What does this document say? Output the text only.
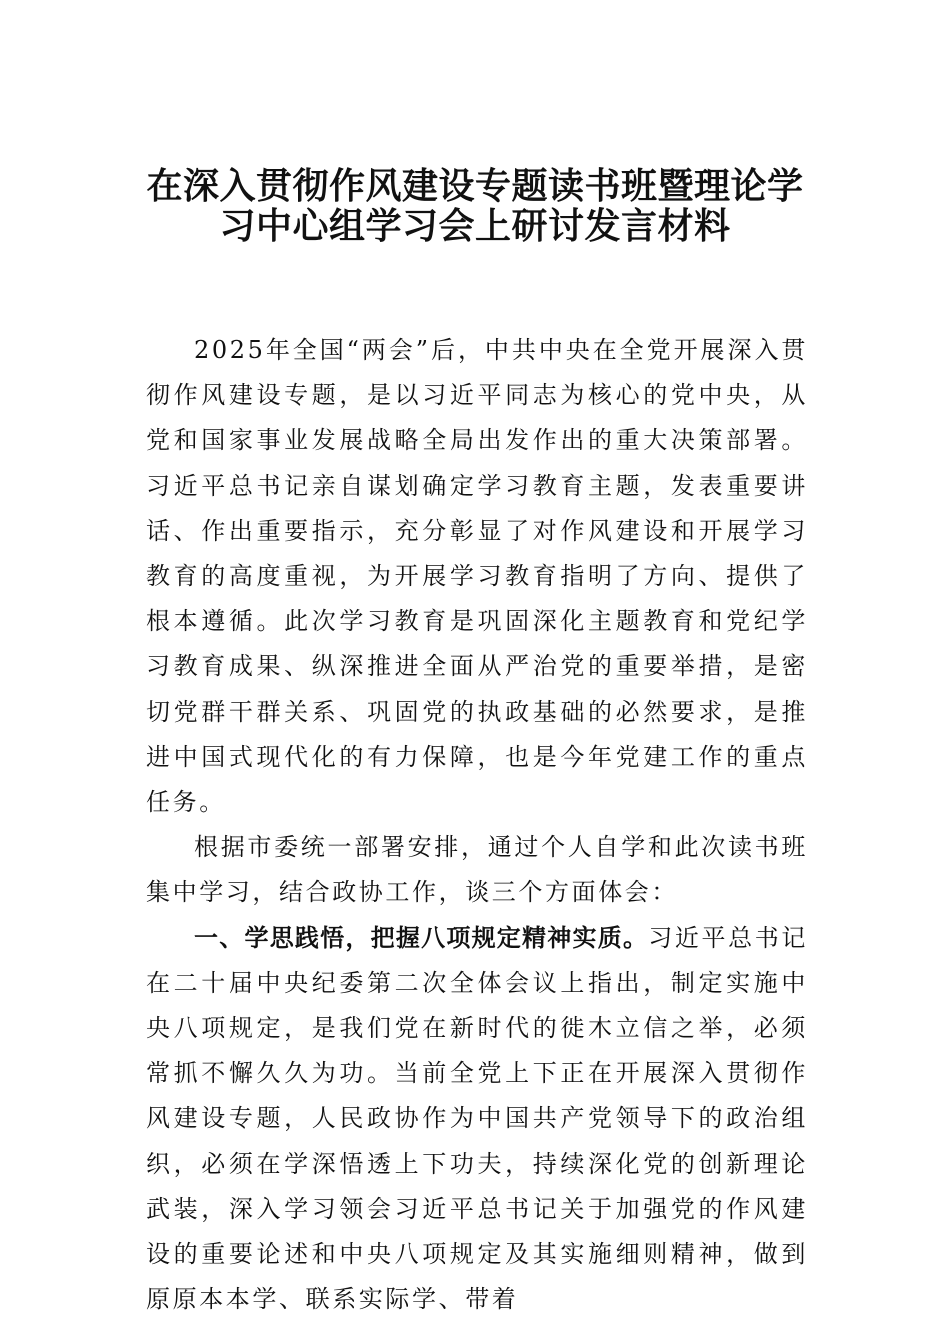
在深入贯彻作风建设专题读书班暨理论学
习中心组学习会上研讨发言材料

2025年全国“两会”后，中共中央在全党开展深入贯彻作风建设专题，是以习近平同志为核心的党中央，从党和国家事业发展战略全局出发作出的重大决策部署。习近平总书记亲自谋划确定学习教育主题，发表重要讲话、作出重要指示，充分彰显了对作风建设和开展学习教育的高度重视，为开展学习教育指明了方向、提供了根本遵循。此次学习教育是巩固深化主题教育和党纪学习教育成果、纵深推进全面从严治党的重要举措，是密切党群干群关系、巩固党的执政基础的必然要求，是推进中国式现代化的有力保障，也是今年党建工作的重点任务。

根据市委统一部署安排，通过个人自学和此次读书班集中学习，结合政协工作，谈三个方面体会：

一、学思践悟，把握八项规定精神实质。习近平总书记在二十届中央纪委第二次全体会议上指出，制定实施中央八项规定，是我们党在新时代的徙木立信之举，必须常抓不懈久久为功。当前全党上下正在开展深入贯彻作风建设专题，人民政协作为中国共产党领导下的政治组织，必须在学深悟透上下功夫，持续深化党的创新理论武装，深入学习领会习近平总书记关于加强党的作风建设的重要论述和中央八项规定及其实施细则精神，做到原原本本学、联系实际学、带着
